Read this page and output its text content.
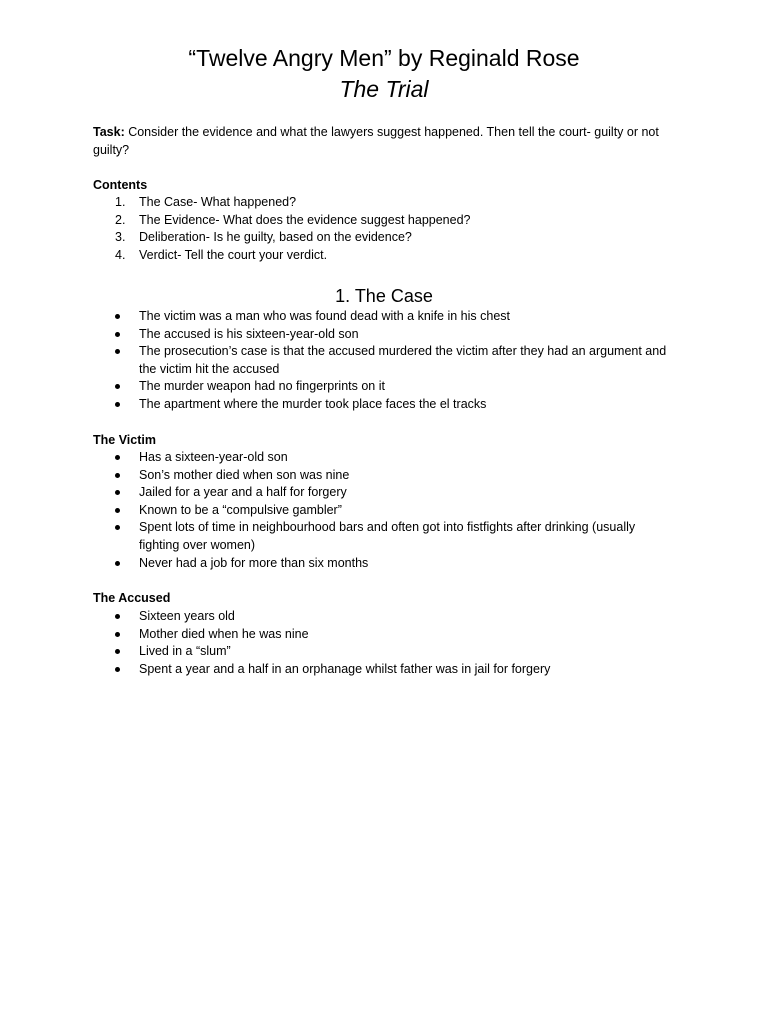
“Twelve Angry Men” by Reginald Rose
The Trial

Task: Consider the evidence and what the lawyers suggest happened. Then tell the court- guilty or not guilty?

Contents
1. The Case- What happened?
2. The Evidence- What does the evidence suggest happened?
3. Deliberation- Is he guilty, based on the evidence?
4. Verdict- Tell the court your verdict.
1. The Case
The victim was a man who was found dead with a knife in his chest
The accused is his sixteen-year-old son
The prosecution’s case is that the accused murdered the victim after they had an argument and the victim hit the accused
The murder weapon had no fingerprints on it
The apartment where the murder took place faces the el tracks
The Victim
Has a sixteen-year-old son
Son’s mother died when son was nine
Jailed for a year and a half for forgery
Known to be a “compulsive gambler”
Spent lots of time in neighbourhood bars and often got into fistfights after drinking (usually fighting over women)
Never had a job for more than six months
The Accused
Sixteen years old
Mother died when he was nine
Lived in a “slum”
Spent a year and a half in an orphanage whilst father was in jail for forgery
